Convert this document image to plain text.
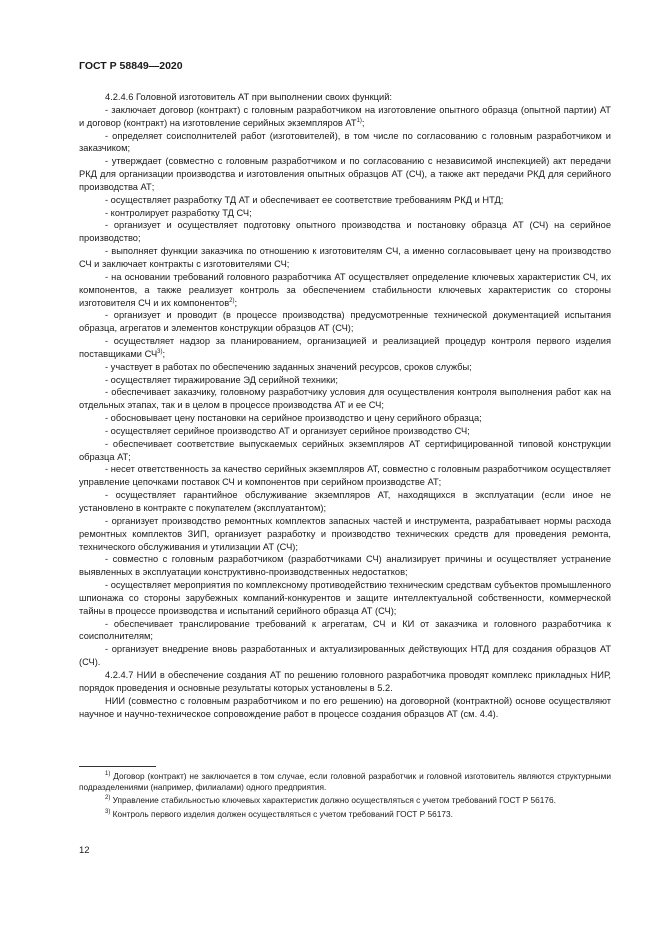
ГОСТ Р 58849—2020

4.2.4.6 Головной изготовитель АТ при выполнении своих функций:

- заключает договор (контракт) с головным разработчиком на изготовление опытного образца (опытной партии) АТ и договор (контракт) на изготовление серийных экземпляров АТ$^{1)}$;

- определяет соисполнителей работ (изготовителей), в том числе по согласованию с головным разработчиком и заказчиком;

- утверждает (совместно с головным разработчиком и по согласованию с независимой инспекцией) акт передачи РКД для организации производства и изготовления опытных образцов АТ (СЧ), а также акт передачи РКД для серийного производства АТ;

- осуществляет разработку ТД АТ и обеспечивает ее соответствие требованиям РКД и НТД;

- контролирует разработку ТД СЧ;

- организует и осуществляет подготовку опытного производства и постановку образца АТ (СЧ) на серийное производство;

- выполняет функции заказчика по отношению к изготовителям СЧ, а именно согласовывает цену на производство СЧ и заключает контракты с изготовителями СЧ;

- на основании требований головного разработчика АТ осуществляет определение ключевых характеристик СЧ, их компонентов, а также реализует контроль за обеспечением стабильности ключевых характеристик со стороны изготовителя СЧ и их компонентов$^{2)}$;

- организует и проводит (в процессе производства) предусмотренные технической документацией испытания образца, агрегатов и элементов конструкции образцов АТ (СЧ);

- осуществляет надзор за планированием, организацией и реализацией процедур контроля первого изделия поставщиками СЧ$^{3)}$;

- участвует в работах по обеспечению заданных значений ресурсов, сроков службы;

- осуществляет тиражирование ЭД серийной техники;

- обеспечивает заказчику, головному разработчику условия для осуществления контроля выполнения работ как на отдельных этапах, так и в целом в процессе производства АТ и ее СЧ;

- обосновывает цену постановки на серийное производство и цену серийного образца;

- осуществляет серийное производство АТ и организует серийное производство СЧ;

- обеспечивает соответствие выпускаемых серийных экземпляров АТ сертифицированной типовой конструкции образца АТ;

- несет ответственность за качество серийных экземпляров АТ, совместно с головным разработчиком осуществляет управление цепочками поставок СЧ и компонентов при серийном производстве АТ;

- осуществляет гарантийное обслуживание экземпляров АТ, находящихся в эксплуатации (если иное не установлено в контракте с покупателем (эксплуатантом);

- организует производство ремонтных комплектов запасных частей и инструмента, разрабатывает нормы расхода ремонтных комплектов ЗИП, организует разработку и производство технических средств для проведения ремонта, технического обслуживания и утилизации АТ (СЧ);

- совместно с головным разработчиком (разработчиками СЧ) анализирует причины и осуществляет устранение выявленных в эксплуатации конструктивно-производственных недостатков;

- осуществляет мероприятия по комплексному противодействию техническим средствам субъектов промышленного шпионажа со стороны зарубежных компаний-конкурентов и защите интеллектуальной собственности, коммерческой тайны в процессе производства и испытаний серийного образца АТ (СЧ);

- обеспечивает транслирование требований к агрегатам, СЧ и КИ от заказчика и головного разработчика к соисполнителям;

- организует внедрение вновь разработанных и актуализированных действующих НТД для создания образцов АТ (СЧ).

4.2.4.7 НИИ в обеспечение создания АТ по решению головного разработчика проводят комплекс прикладных НИР, порядок проведения и основные результаты которых установлены в 5.2.

НИИ (совместно с головным разработчиком и по его решению) на договорной (контрактной) основе осуществляют научное и научно-техническое сопровождение работ в процессе создания образцов АТ (см. 4.4).

$^{1)}$ Договор (контракт) не заключается в том случае, если головной разработчик и головной изготовитель являются структурными подразделениями (например, филиалами) одного предприятия.

$^{2)}$ Управление стабильностью ключевых характеристик должно осуществляться с учетом требований ГОСТ Р 56176.

$^{3)}$ Контроль первого изделия должен осуществляться с учетом требований ГОСТ Р 56173.

12
